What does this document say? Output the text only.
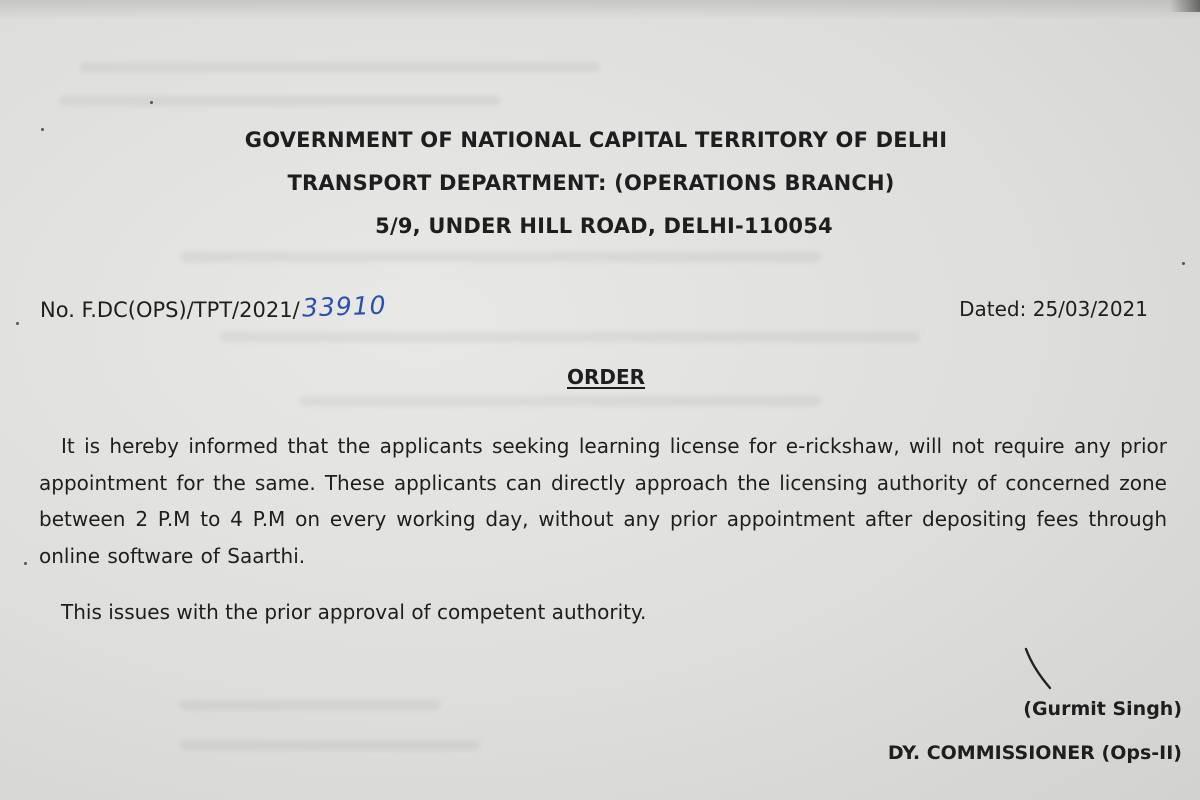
GOVERNMENT OF NATIONAL CAPITAL TERRITORY OF DELHI
TRANSPORT DEPARTMENT: (OPERATIONS BRANCH)
5/9, UNDER HILL ROAD, DELHI-110054
No. F.DC(OPS)/TPT/2021/33910	Dated: 25/03/2021
ORDER
It is hereby informed that the applicants seeking learning license for e-rickshaw, will not require any prior appointment for the same. These applicants can directly approach the licensing authority of concerned zone between 2 P.M to 4 P.M on every working day, without any prior appointment after depositing fees through online software of Saarthi.
This issues with the prior approval of competent authority.
(Gurmit Singh)
DY. COMMISSIONER (Ops-II)
